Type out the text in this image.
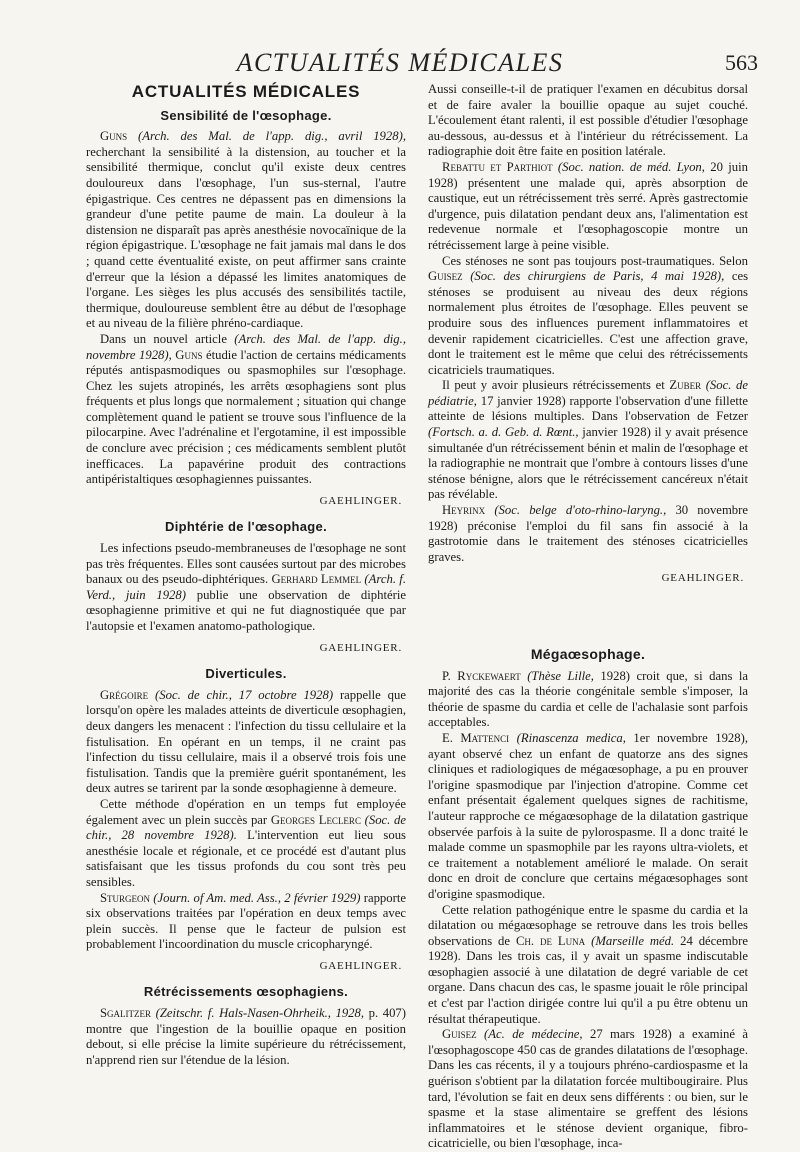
ACTUALITÉS MÉDICALES	563
ACTUALITÉS MÉDICALES
Sensibilité de l'œsophage.

Guns (Arch. des Mal. de l'app. dig., avril 1928), recherchant la sensibilité à la distension, au toucher et la sensibilité thermique, conclut qu'il existe deux centres douloureux dans l'œsophage, l'un sus-sternal, l'autre épigastrique. Ces centres ne dépassent pas en dimensions la grandeur d'une petite paume de main. La douleur à la distension ne disparaît pas après anesthésie novocaïnique de la région épigastrique. L'œsophage ne fait jamais mal dans le dos ; quand cette éventualité existe, on peut affirmer sans crainte d'erreur que la lésion a dépassé les limites anatomiques de l'organe. Les sièges les plus accusés des sensibilités tactile, thermique, douloureuse semblent être au début de l'œsophage et au niveau de la filière phréno-cardiaque.

Dans un nouvel article (Arch. des Mal. de l'app. dig., novembre 1928), Guns étudie l'action de certains médicaments réputés antispasmodiques ou spasmophiles sur l'œsophage. Chez les sujets atropinés, les arrêts œsophagiens sont plus fréquents et plus longs que normalement ; situation qui change complètement quand le patient se trouve sous l'influence de la pilocarpine. Avec l'adrénaline et l'ergotamine, il est impossible de conclure avec précision ; ces médicaments semblent plutôt inefficaces. La papavérine produit des contractions antipéristaltiques œsophagiennes puissantes.

GAEHLINGER.
Diphtérie de l'œsophage.

Les infections pseudo-membraneuses de l'œsophage ne sont pas très fréquentes. Elles sont causées surtout par des microbes banaux ou des pseudo-diphtériques. Gerhard Lemmel (Arch. f. Verd., juin 1928) publie une observation de diphtérie œsophagienne primitive et qui ne fut diagnostiquée que par l'autopsie et l'examen anatomo-pathologique.

GAEHLINGER.
Diverticules.

Grégoire (Soc. de chir., 17 octobre 1928) rappelle que lorsqu'on opère les malades atteints de diverticule œsophagien, deux dangers les menacent : l'infection du tissu cellulaire et la fistulisation. En opérant en un temps, il ne craint pas l'infection du tissu cellulaire, mais il a observé trois fois une fistulisation. Tandis que la première guérit spontanément, les deux autres se tarirent par la sonde œsophagienne à demeure.

Cette méthode d'opération en un temps fut employée également avec un plein succès par Georges Leclerc (Soc. de chir., 28 novembre 1928). L'intervention eut lieu sous anesthésie locale et régionale, et ce procédé est d'autant plus satisfaisant que les tissus profonds du cou sont très peu sensibles.

Sturgeon (Journ. of Am. med. Ass., 2 février 1929) rapporte six observations traitées par l'opération en deux temps avec plein succès. Il pense que le facteur de pulsion est probablement l'incoordination du muscle cricopharyngé.

GAEHLINGER.
Rétrécissements œsophagiens.

Sgalitzer (Zeitschr. f. Hals-Nasen-Ohrheik., 1928, p. 407) montre que l'ingestion de la bouillie opaque en position debout, si elle précise la limite supérieure du rétrécissement, n'apprend rien sur l'étendue de la lésion.

Aussi conseille-t-il de pratiquer l'examen en décubitus dorsal et de faire avaler la bouillie opaque au sujet couché. L'écoulement étant ralenti, il est possible d'étudier l'œsophage au-dessous, au-dessus et à l'intérieur du rétrécissement. La radiographie doit être faite en position latérale.

Rebattu et Parthiot (Soc. nation. de méd. Lyon, 20 juin 1928) présentent une malade qui, après absorption de caustique, eut un rétrécissement très serré. Après gastrectomie d'urgence, puis dilatation pendant deux ans, l'alimentation est redevenue normale et l'œsophagoscopie montre un rétrécissement large à peine visible.

Ces sténoses ne sont pas toujours post-traumatiques. Selon Guisez (Soc. des chirurgiens de Paris, 4 mai 1928), ces sténoses se produisent au niveau des deux régions normalement plus étroites de l'œsophage. Elles peuvent se produire sous des influences purement inflammatoires et devenir rapidement cicatricielles. C'est une affection grave, dont le traitement est le même que celui des rétrécissements cicatriciels traumatiques.

Il peut y avoir plusieurs rétrécissements et Zuber (Soc. de pédiatrie, 17 janvier 1928) rapporte l'observation d'une fillette atteinte de lésions multiples. Dans l'observation de Fetzer (Fortsch. a. d. Geb. d. Rœnt., janvier 1928) il y avait présence simultanée d'un rétrécissement bénin et malin de l'œsophage et la radiographie ne montrait que l'ombre à contours lisses d'une sténose bénigne, alors que le rétrécissement cancéreux n'était pas révélable.

Heyrinx (Soc. belge d'oto-rhino-laryng., 30 novembre 1928) préconise l'emploi du fil sans fin associé à la gastrotomie dans le traitement des sténoses cicatricielles graves.

GEAHLINGER.
Mégaœsophage.

P. Ryckewaert (Thèse Lille, 1928) croit que, si dans la majorité des cas la théorie congénitale semble s'imposer, la théorie de spasme du cardia et celle de l'achalasie sont parfois acceptables.

E. Mattenci (Rinascenza medica, 1er novembre 1928), ayant observé chez un enfant de quatorze ans des signes cliniques et radiologiques de mégaœsophage, a pu en prouver l'origine spasmodique par l'injection d'atropine. Comme cet enfant présentait également quelques signes de rachitisme, l'auteur rapproche ce mégaœsophage de la dilatation gastrique observée parfois à la suite de pylorospasme. Il a donc traité le malade comme un spasmophile par les rayons ultra-violets, et ce traitement a notablement amélioré le malade. On serait donc en droit de conclure que certains mégaœsophages sont d'origine spasmodique.

Cette relation pathogénique entre le spasme du cardia et la dilatation ou mégaœsophage se retrouve dans les trois belles observations de Ch. de Luna (Marseille méd. 24 décembre 1928). Dans les trois cas, il y avait un spasme indiscutable œsophagien associé à une dilatation de degré variable de cet organe. Dans chacun des cas, le spasme jouait le rôle principal et c'est par l'action dirigée contre lui qu'il a pu être obtenu un résultat thérapeutique.

Guisez (Ac. de médecine, 27 mars 1928) a examiné à l'œsophagoscope 450 cas de grandes dilatations de l'œsophage. Dans les cas récents, il y a toujours phréno-cardiospasme et la guérison s'obtient par la dilatation forcée multibougiraire. Plus tard, l'évolution se fait en deux sens différents : ou bien, sur le spasme et la stase alimentaire se greffent des lésions inflammatoires et le sténose devient organique, fibro-cicatricielle, ou bien l'œsophage, inca-
